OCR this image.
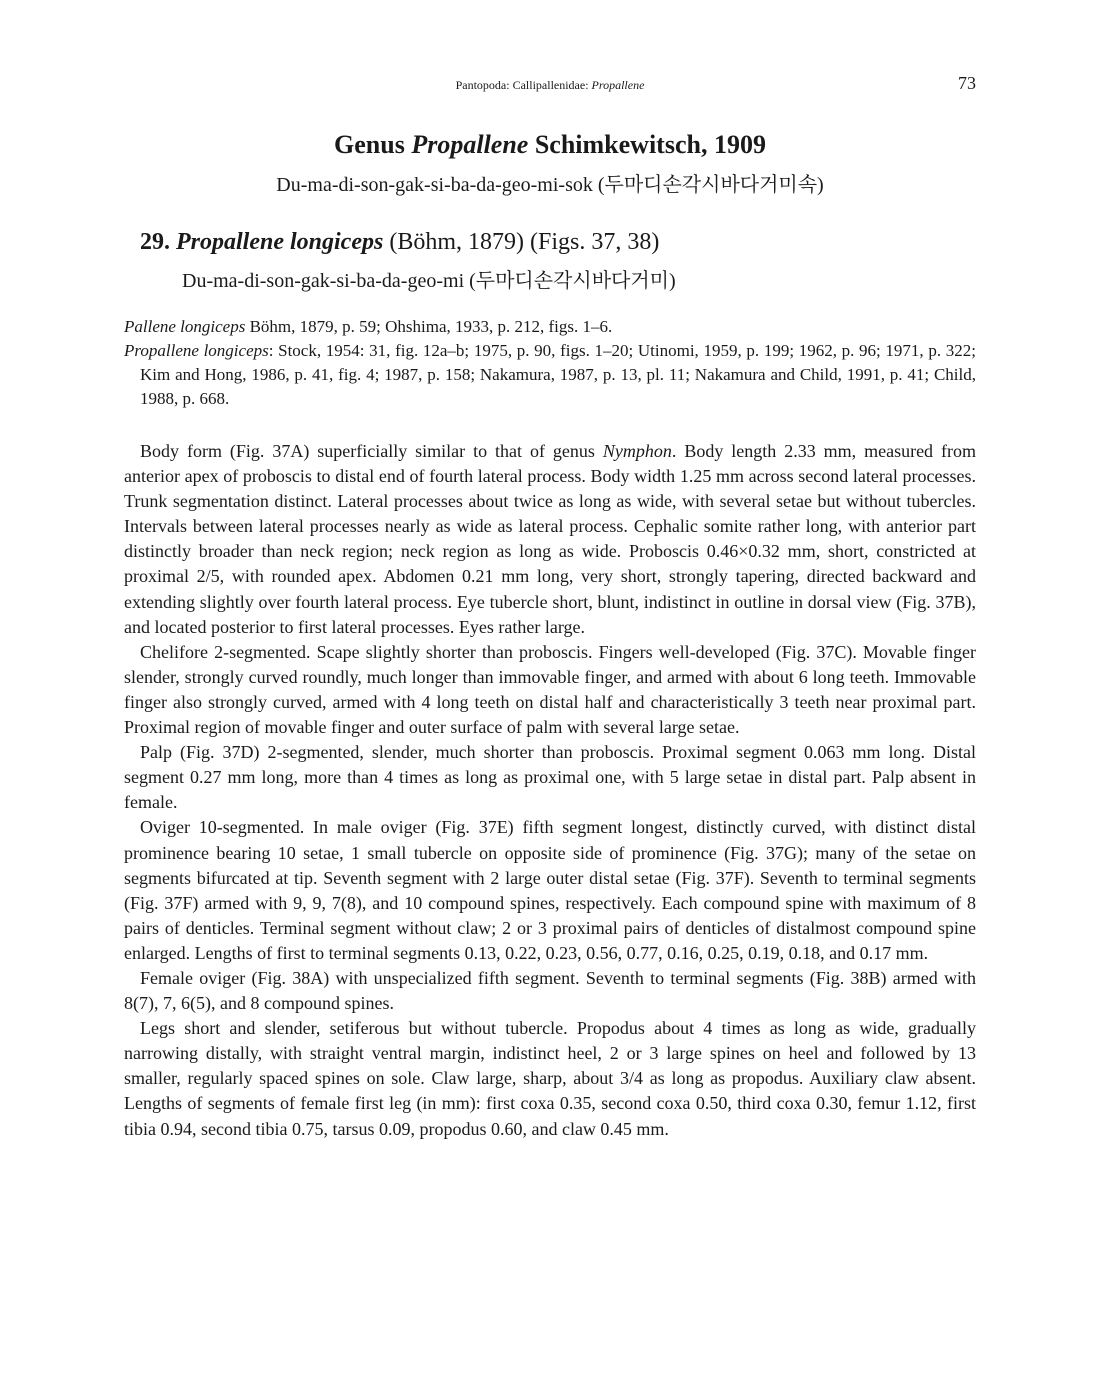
Pantopoda: Callipallenidae: Propallene	73
Genus Propallene Schimkewitsch, 1909
Du-ma-di-son-gak-si-ba-da-geo-mi-sok (두마디손각시바다거미속)
29. Propallene longiceps (Böhm, 1879) (Figs. 37, 38)
Du-ma-di-son-gak-si-ba-da-geo-mi (두마디손각시바다거미)

Pallene longiceps Böhm, 1879, p. 59; Ohshima, 1933, p. 212, figs. 1–6.

Propallene longiceps: Stock, 1954: 31, fig. 12a–b; 1975, p. 90, figs. 1–20; Utinomi, 1959, p. 199; 1962, p. 96; 1971, p. 322; Kim and Hong, 1986, p. 41, fig. 4; 1987, p. 158; Nakamura, 1987, p. 13, pl. 11; Nakamura and Child, 1991, p. 41; Child, 1988, p. 668.

Body form (Fig. 37A) superficially similar to that of genus Nymphon. Body length 2.33 mm, measured from anterior apex of proboscis to distal end of fourth lateral process. Body width 1.25 mm across second lateral processes. Trunk segmentation distinct. Lateral processes about twice as long as wide, with several setae but without tubercles. Intervals between lateral processes nearly as wide as lateral process. Cephalic somite rather long, with anterior part distinctly broader than neck region; neck region as long as wide. Proboscis 0.46×0.32 mm, short, constricted at proximal 2/5, with rounded apex. Abdomen 0.21 mm long, very short, strongly tapering, directed backward and extending slightly over fourth lateral process. Eye tubercle short, blunt, indistinct in outline in dorsal view (Fig. 37B), and located posterior to first lateral processes. Eyes rather large.

Chelifore 2-segmented. Scape slightly shorter than proboscis. Fingers well-developed (Fig. 37C). Movable finger slender, strongly curved roundly, much longer than immovable finger, and armed with about 6 long teeth. Immovable finger also strongly curved, armed with 4 long teeth on distal half and characteristically 3 teeth near proximal part. Proximal region of movable finger and outer surface of palm with several large setae.

Palp (Fig. 37D) 2-segmented, slender, much shorter than proboscis. Proximal segment 0.063 mm long. Distal segment 0.27 mm long, more than 4 times as long as proximal one, with 5 large setae in distal part. Palp absent in female.

Oviger 10-segmented. In male oviger (Fig. 37E) fifth segment longest, distinctly curved, with distinct distal prominence bearing 10 setae, 1 small tubercle on opposite side of prominence (Fig. 37G); many of the setae on segments bifurcated at tip. Seventh segment with 2 large outer distal setae (Fig. 37F). Seventh to terminal segments (Fig. 37F) armed with 9, 9, 7(8), and 10 compound spines, respectively. Each compound spine with maximum of 8 pairs of denticles. Terminal segment without claw; 2 or 3 proximal pairs of denticles of distalmost compound spine enlarged. Lengths of first to terminal segments 0.13, 0.22, 0.23, 0.56, 0.77, 0.16, 0.25, 0.19, 0.18, and 0.17 mm.

Female oviger (Fig. 38A) with unspecialized fifth segment. Seventh to terminal segments (Fig. 38B) armed with 8(7), 7, 6(5), and 8 compound spines.

Legs short and slender, setiferous but without tubercle. Propodus about 4 times as long as wide, gradually narrowing distally, with straight ventral margin, indistinct heel, 2 or 3 large spines on heel and followed by 13 smaller, regularly spaced spines on sole. Claw large, sharp, about 3/4 as long as propodus. Auxiliary claw absent. Lengths of segments of female first leg (in mm): first coxa 0.35, second coxa 0.50, third coxa 0.30, femur 1.12, first tibia 0.94, second tibia 0.75, tarsus 0.09, propodus 0.60, and claw 0.45 mm.
